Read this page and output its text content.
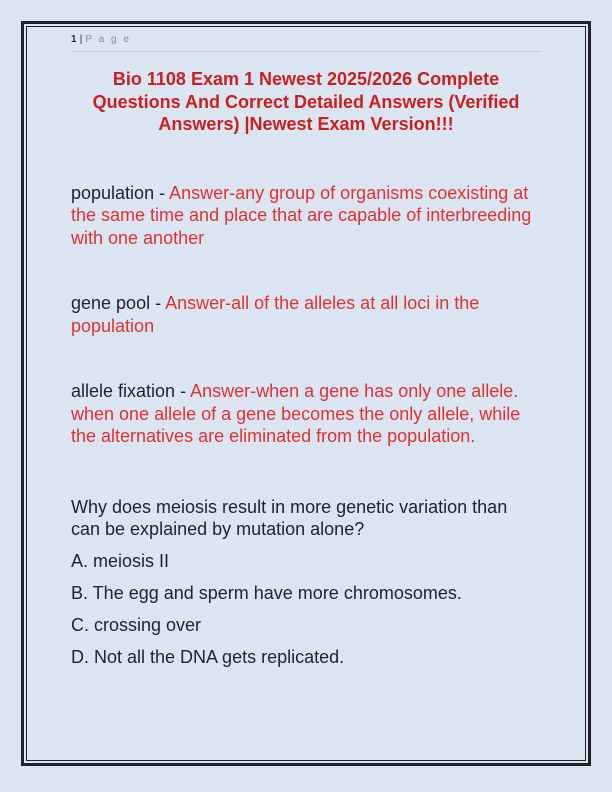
1 | P a g e
Bio 1108 Exam 1 Newest 2025/2026 Complete Questions And Correct Detailed Answers (Verified Answers) |Newest Exam Version!!!

population - Answer-any group of organisms coexisting at the same time and place that are capable of interbreeding with one another

gene pool - Answer-all of the alleles at all loci in the population

allele fixation - Answer-when a gene has only one allele. when one allele of a gene becomes the only allele, while the alternatives are eliminated from the population.

Why does meiosis result in more genetic variation than can be explained by mutation alone?

A. meiosis II

B. The egg and sperm have more chromosomes.

C. crossing over

D. Not all the DNA gets replicated.
